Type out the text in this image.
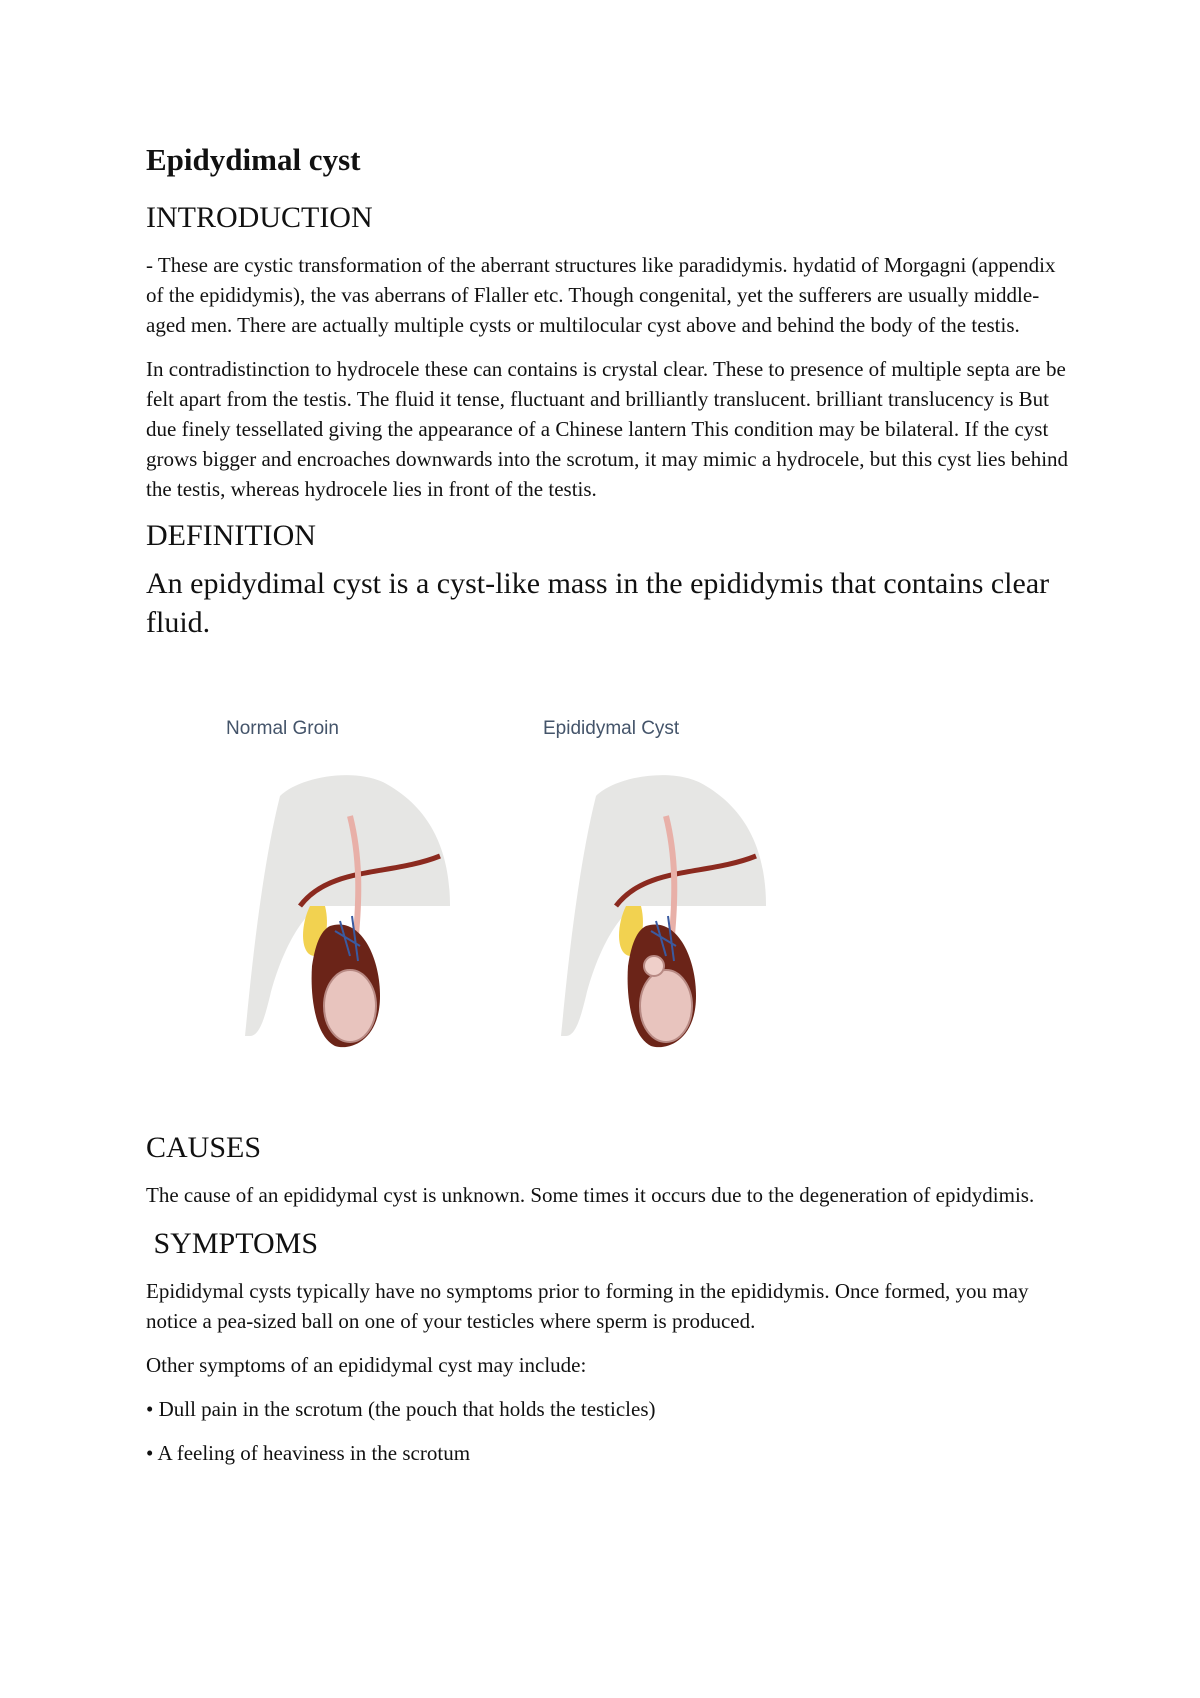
Epidydimal cyst
INTRODUCTION

- These are cystic transformation of the aberrant structures like paradidymis. hydatid of Morgagni (appendix of the epididymis), the vas aberrans of Flaller etc. Though congenital, yet the sufferers are usually middle-aged men. There are actually multiple cysts or multilocular cyst above and behind the body of the testis.

In contradistinction to hydrocele these can contains is crystal clear. These to presence of multiple septa are be felt apart from the testis. The fluid it tense, fluctuant and brilliantly translucent. brilliant translucency is But due finely tessellated giving the appearance of a Chinese lantern This condition may be bilateral. If the cyst grows bigger and encroaches downwards into the scrotum, it may mimic a hydrocele, but this cyst lies behind the testis, whereas hydrocele lies in front of the testis.

DEFINITION

An epidydimal cyst is a cyst-like mass in the epididymis that contains clear fluid.

Normal Groin	Epididymal Cyst
CAUSES

The cause of an epididymal cyst is unknown. Some times it occurs due to the degeneration of epidydimis.

SYMPTOMS

Epididymal cysts typically have no symptoms prior to forming in the epididymis. Once formed, you may notice a pea-sized ball on one of your testicles where sperm is produced.

Other symptoms of an epididymal cyst may include:

• Dull pain in the scrotum (the pouch that holds the testicles)

• A feeling of heaviness in the scrotum
